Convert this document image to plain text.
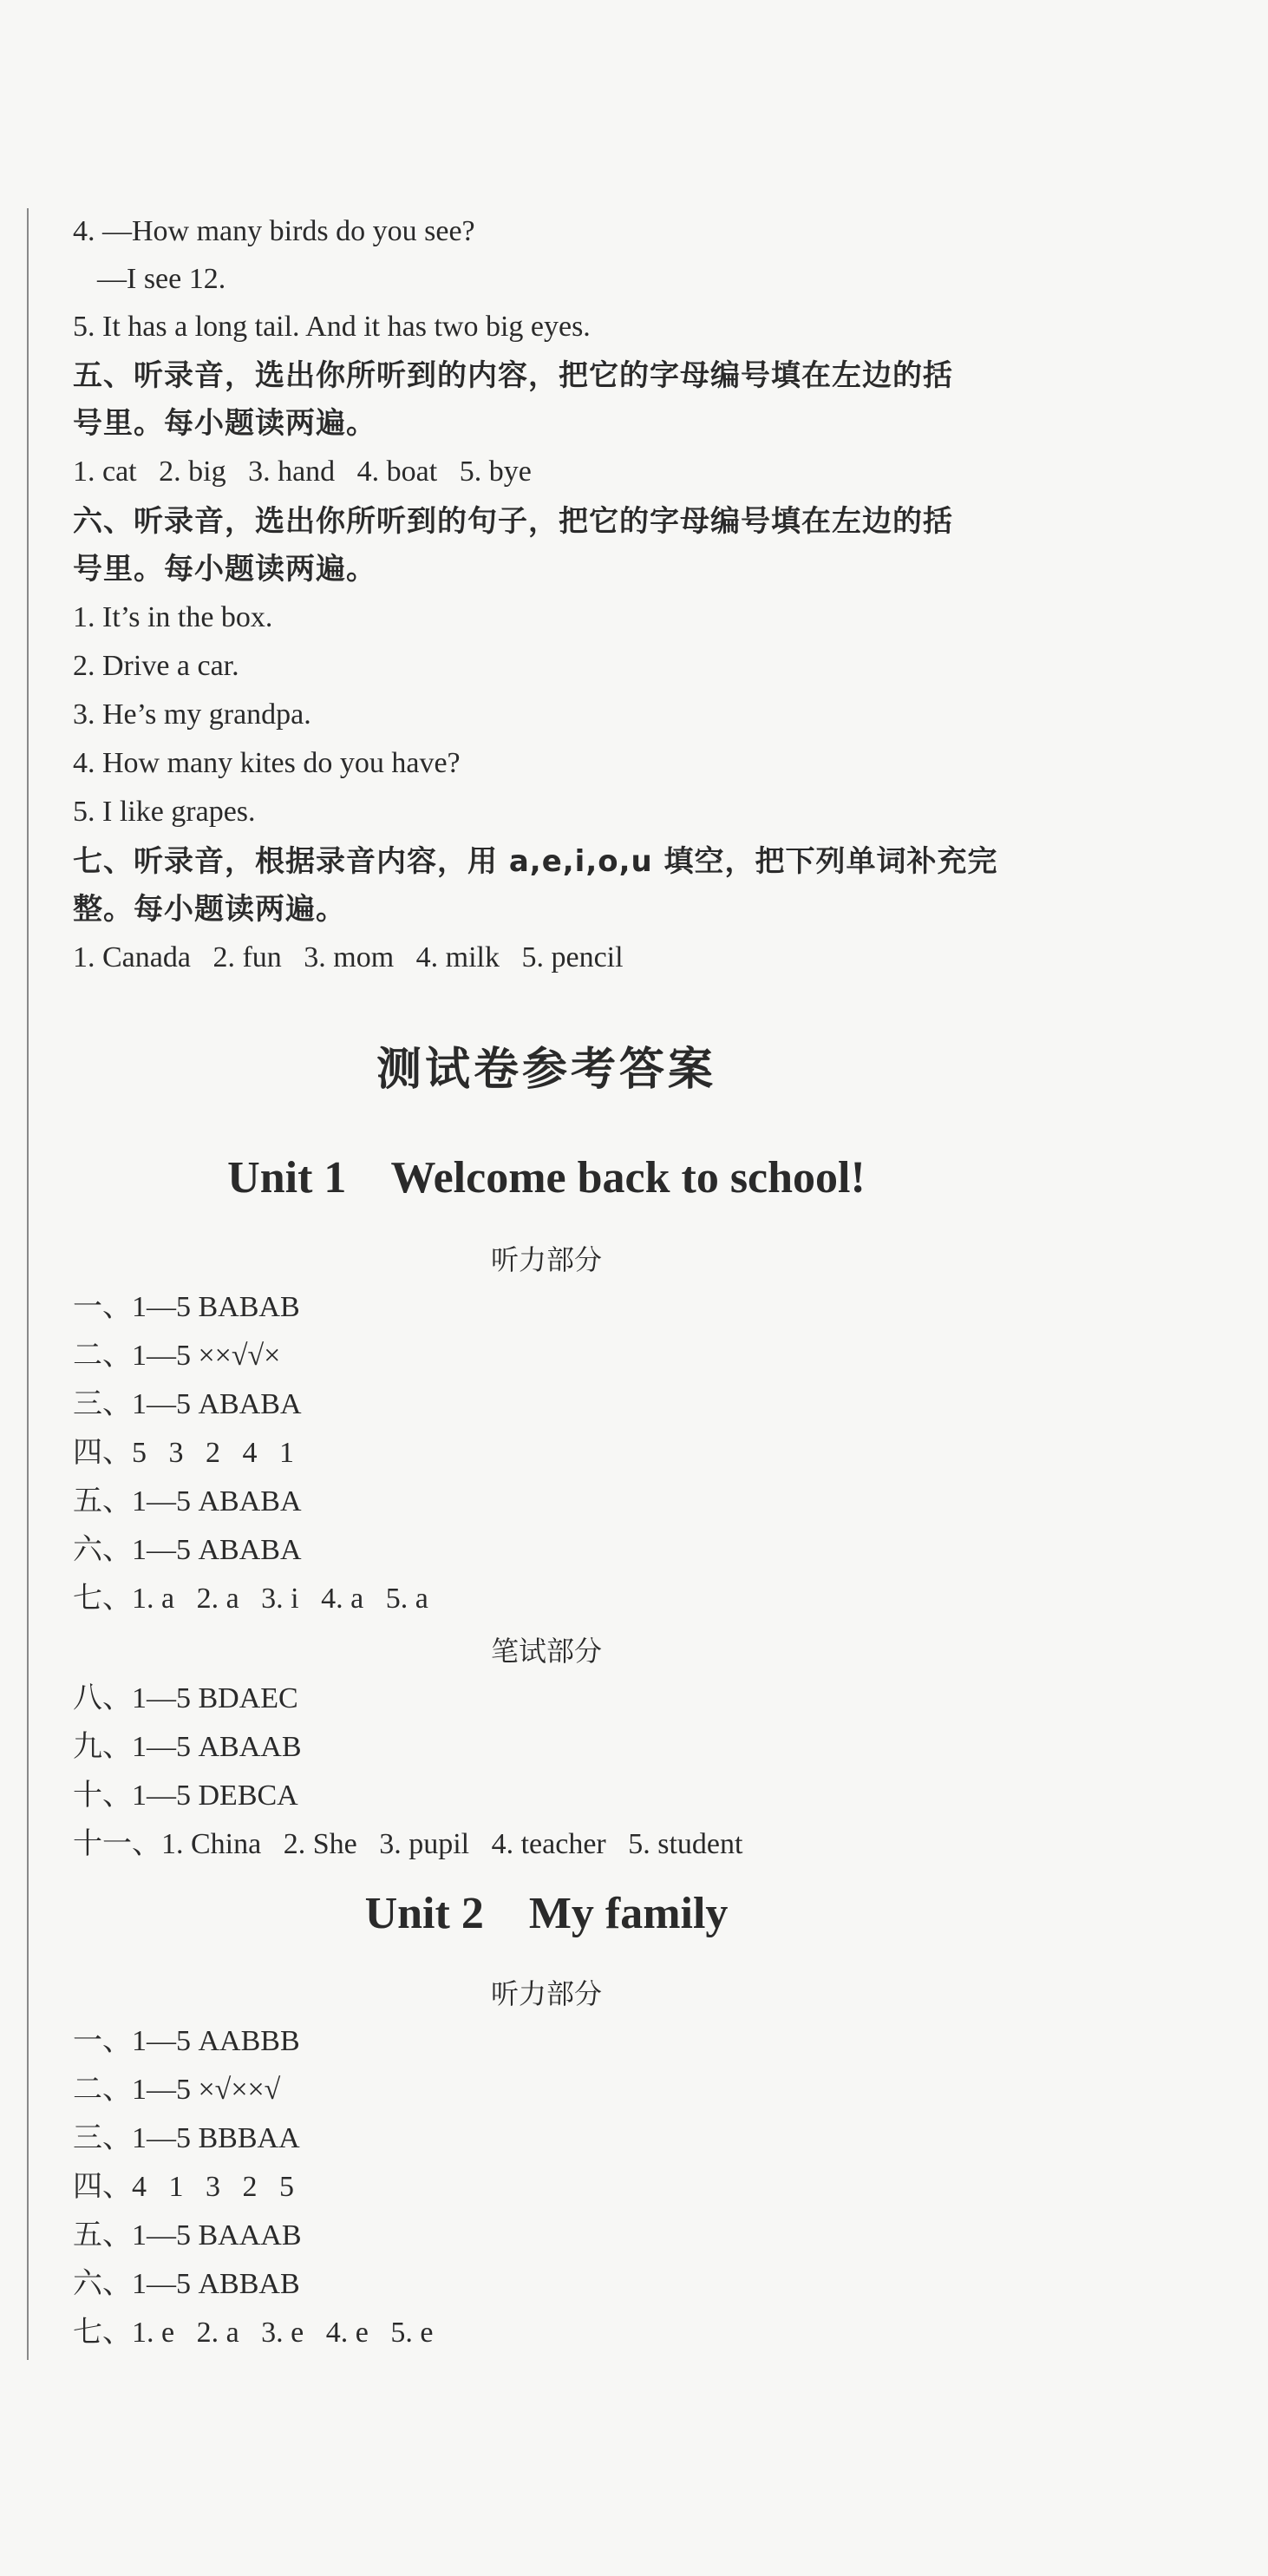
4. —How many birds do you see?
—I see 12.
5. It has a long tail. And it has two big eyes.
五、听录音，选出你所听到的内容，把它的字母编号填在左边的括
号里。每小题读两遍。
1. cat   2. big   3. hand   4. boat   5. bye
六、听录音，选出你所听到的句子，把它的字母编号填在左边的括
号里。每小题读两遍。
1. It’s in the box.
2. Drive a car.
3. He’s my grandpa.
4. How many kites do you have?
5. I like grapes.
七、听录音，根据录音内容，用 a,e,i,o,u 填空，把下列单词补充完
整。每小题读两遍。
1. Canada   2. fun   3. mom   4. milk   5. pencil
测试卷参考答案
Unit 1    Welcome back to school!
听力部分
一、1—5 BABAB
二、1—5 ××√√×
三、1—5 ABABA
四、5   3   2   4   1
五、1—5 ABABA
六、1—5 ABABA
七、1. a   2. a   3. i   4. a   5. a
笔试部分
八、1—5 BDAEC
九、1—5 ABAAB
十、1—5 DEBCA
十一、1. China   2. She   3. pupil   4. teacher   5. student
Unit 2    My family
听力部分
一、1—5 AABBB
二、1—5 ×√××√
三、1—5 BBBAA
四、4   1   3   2   5
五、1—5 BAAAB
六、1—5 ABBAB
七、1. e   2. a   3. e   4. e   5. e
